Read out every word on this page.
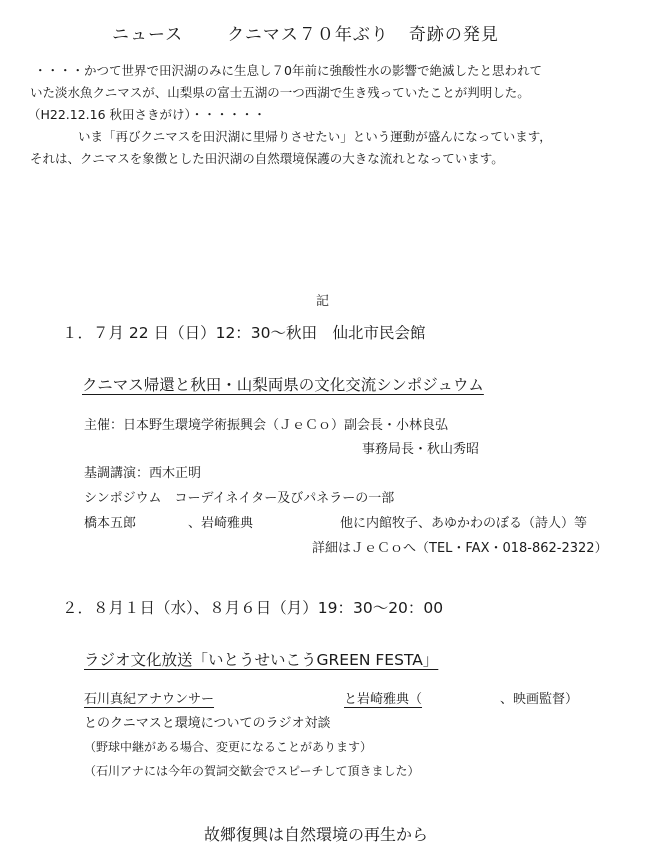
ニュース	クニマス７０年ぶり 奇跡の発見
・・・・かつて世界で田沢湖のみに生息し７0年前に強酸性水の影響で絶滅したと思われて
いた淡水魚クニマスが、山梨県の富士五湖の一つ西湖で生き残っていたことが判明した。
（H22.12.16 秋田さきがけ）・・・・・・
いま「再びクニマスを田沢湖に里帰りさせたい」という運動が盛んになっています，
それは、クニマスを象徴とした田沢湖の自然環境保護の大きな流れとなっています。
記
１．７月 22 日（日）12：30～秋田　仙北市民会館
クニマス帰還と秋田・山梨両県の文化交流シンポジュウム
主催：日本野生環境学術振興会（ＪｅＣｏ）副会長・小林良弘
事務局長・秋山秀昭
基調講演：西木正明
シンポジウム　コーデイネイター及びパネラーの一部
橋本五郎	、岩崎雅典	他に内館牧子、あゆかわのぼる（詩人）等
詳細はＪｅＣｏへ（TEL・FAX・018-862-2322）
２．８月１日（水）、８月６日（月）19：30～20：00
ラジオ文化放送「いとうせいこうGREEN FESTA」
石川真紀アナウンサー	と岩崎雅典（	、映画監督）
とのクニマスと環境についてのラジオ対談
（野球中継がある場合、変更になることがあります）
（石川アナには今年の賀詞交歓会でスピーチして頂きました）
故郷復興は自然環境の再生から
